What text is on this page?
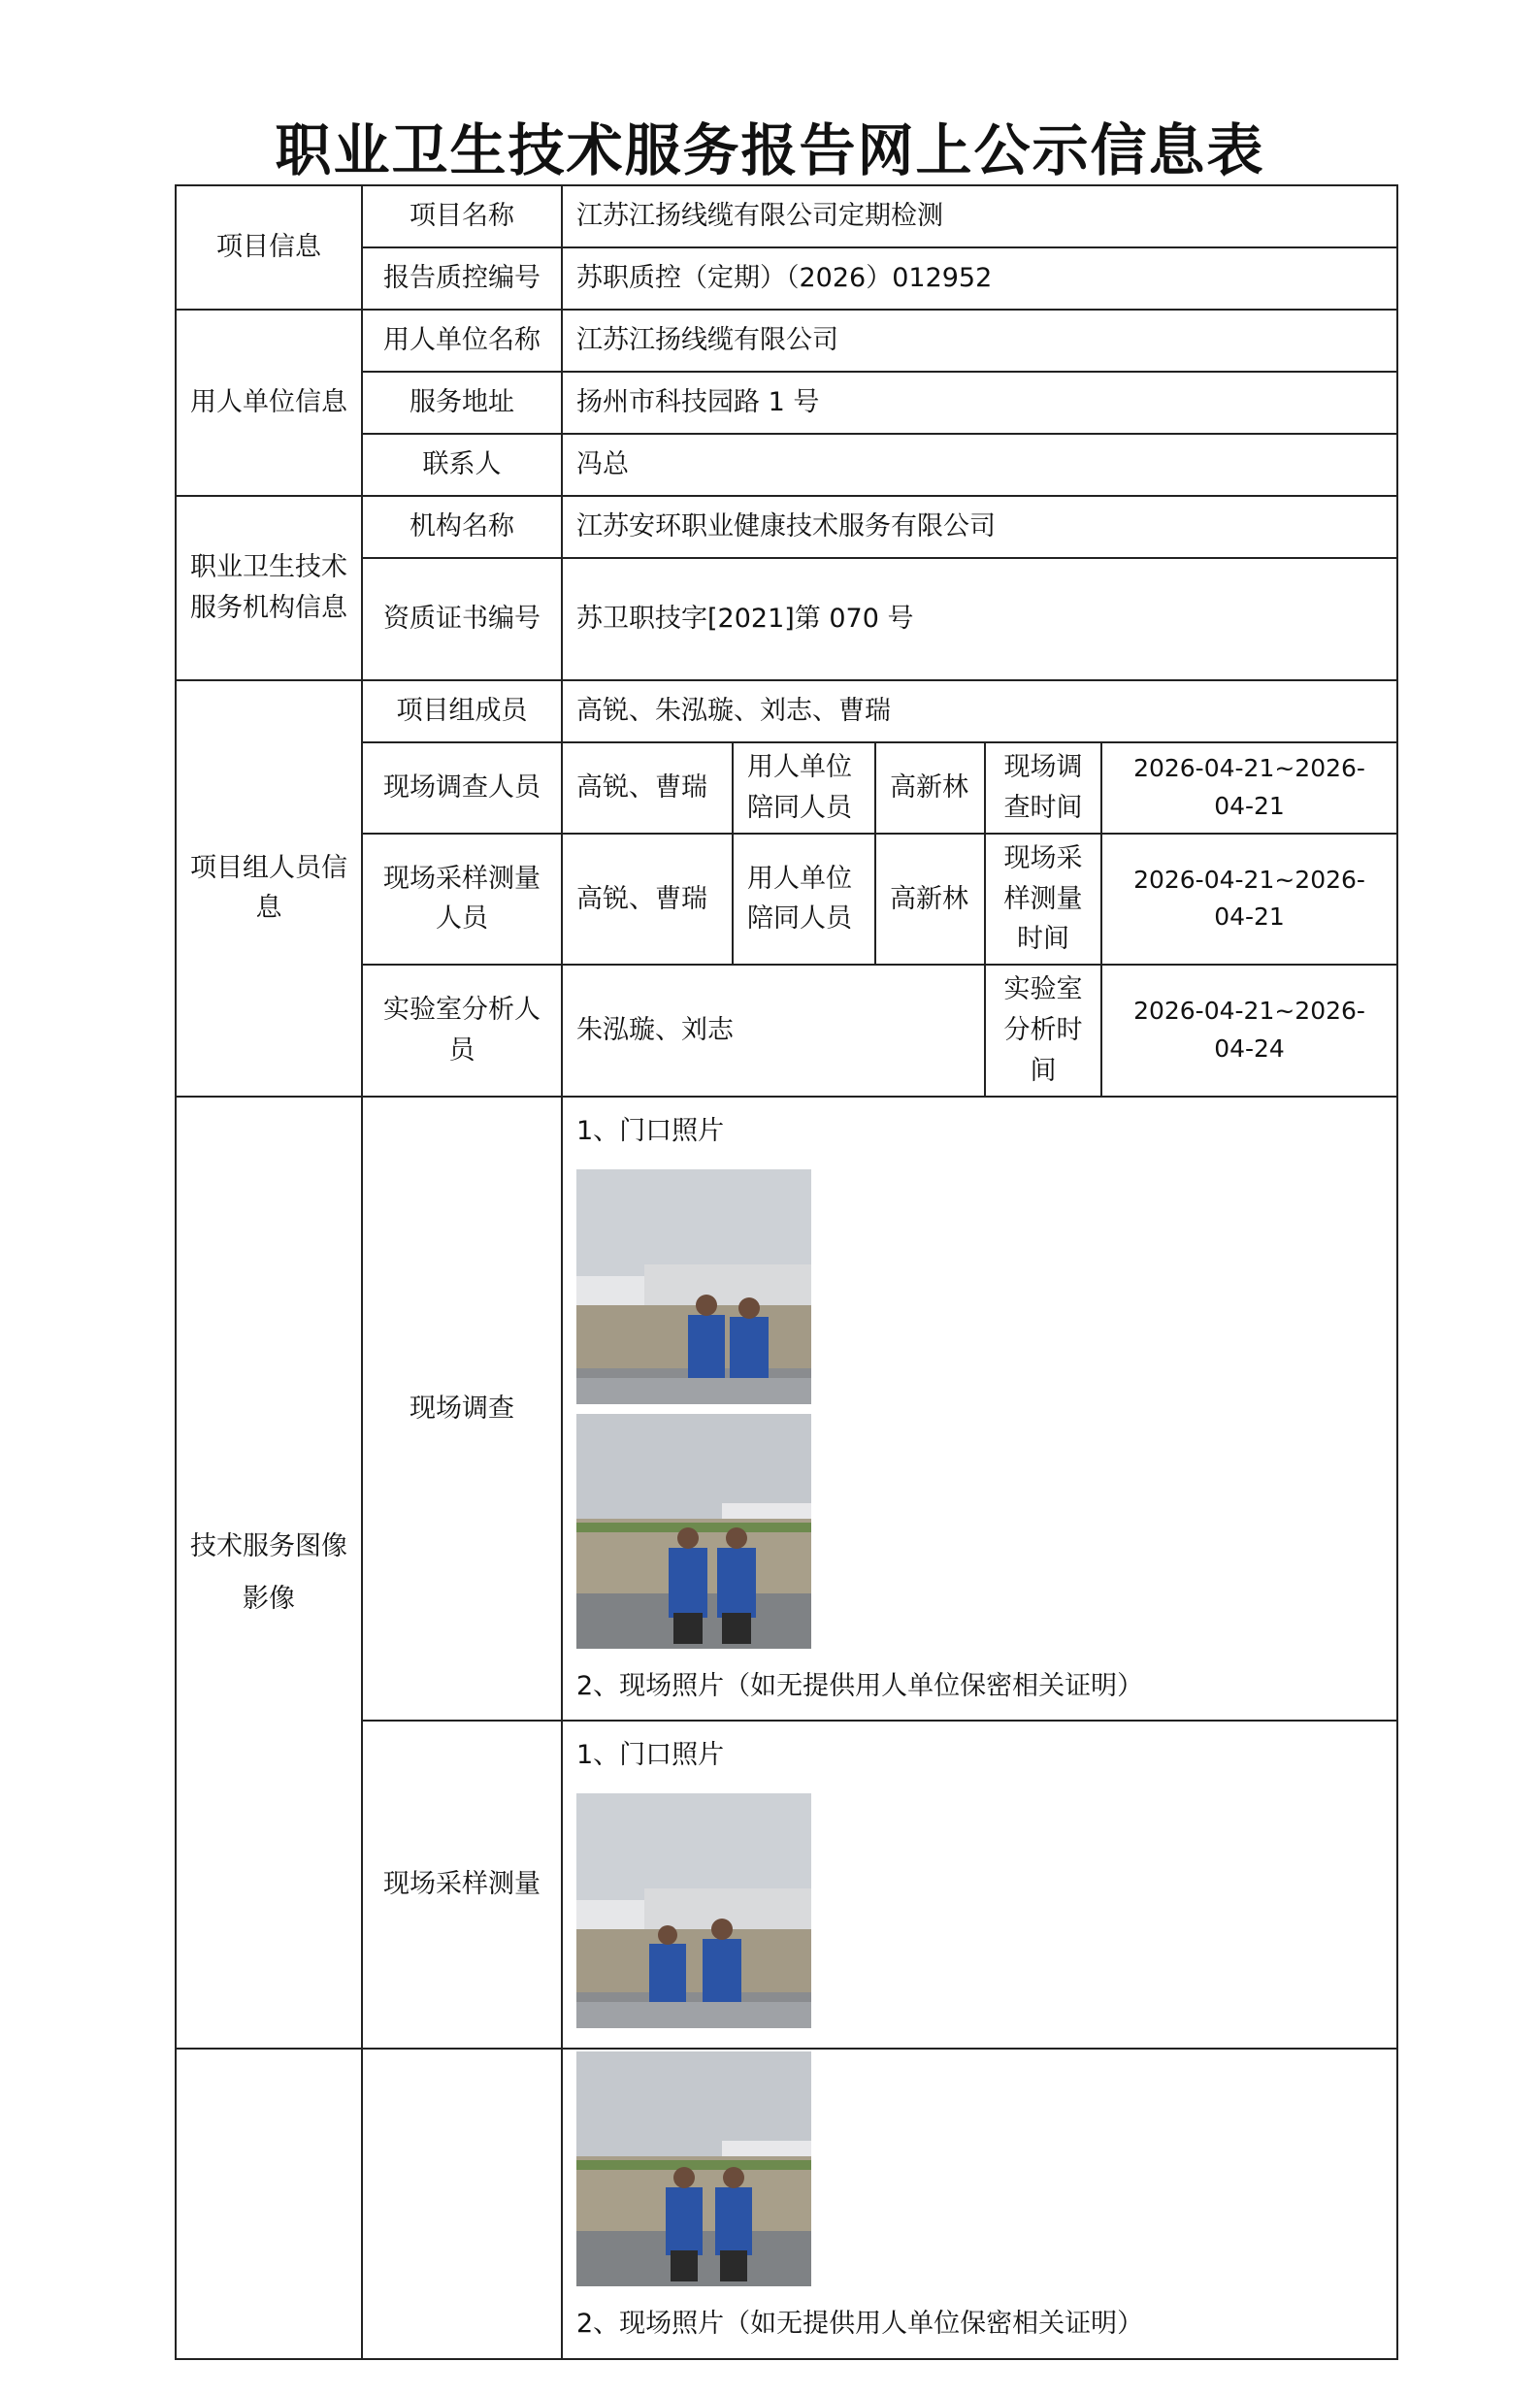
职业卫生技术服务报告网上公示信息表
项目信息	项目名称	江苏江扬线缆有限公司定期检测				
	报告质控编号	苏职质控（定期）（2026）012952				
用人单位信息	用人单位名称	江苏江扬线缆有限公司				
	服务地址	扬州市科技园路 1 号				
	联系人	冯总				
职业卫生技术服务机构信息	机构名称	江苏安环职业健康技术服务有限公司				
	资质证书编号	苏卫职技字[2021]第 070 号				
项目组人员信息	项目组成员	高锐、朱泓璇、刘志、曹瑞				
	现场调查人员	高锐、曹瑞	用人单位陪同人员	高新林	现场调查时间	2026-04-21~2026-04-21
	现场采样测量人员	高锐、曹瑞	用人单位陪同人员	高新林	现场采样测量时间	2026-04-21~2026-04-21
	实验室分析人员	朱泓璇、刘志			实验室分析时间	2026-04-21~2026-04-24
技术服务图像影像	现场调查	1、门口照片
2、现场照片（如无提供用人单位保密相关证明）				

	现场采样测量	1、门口照片				

		2、现场照片（如无提供用人单位保密相关证明）				
